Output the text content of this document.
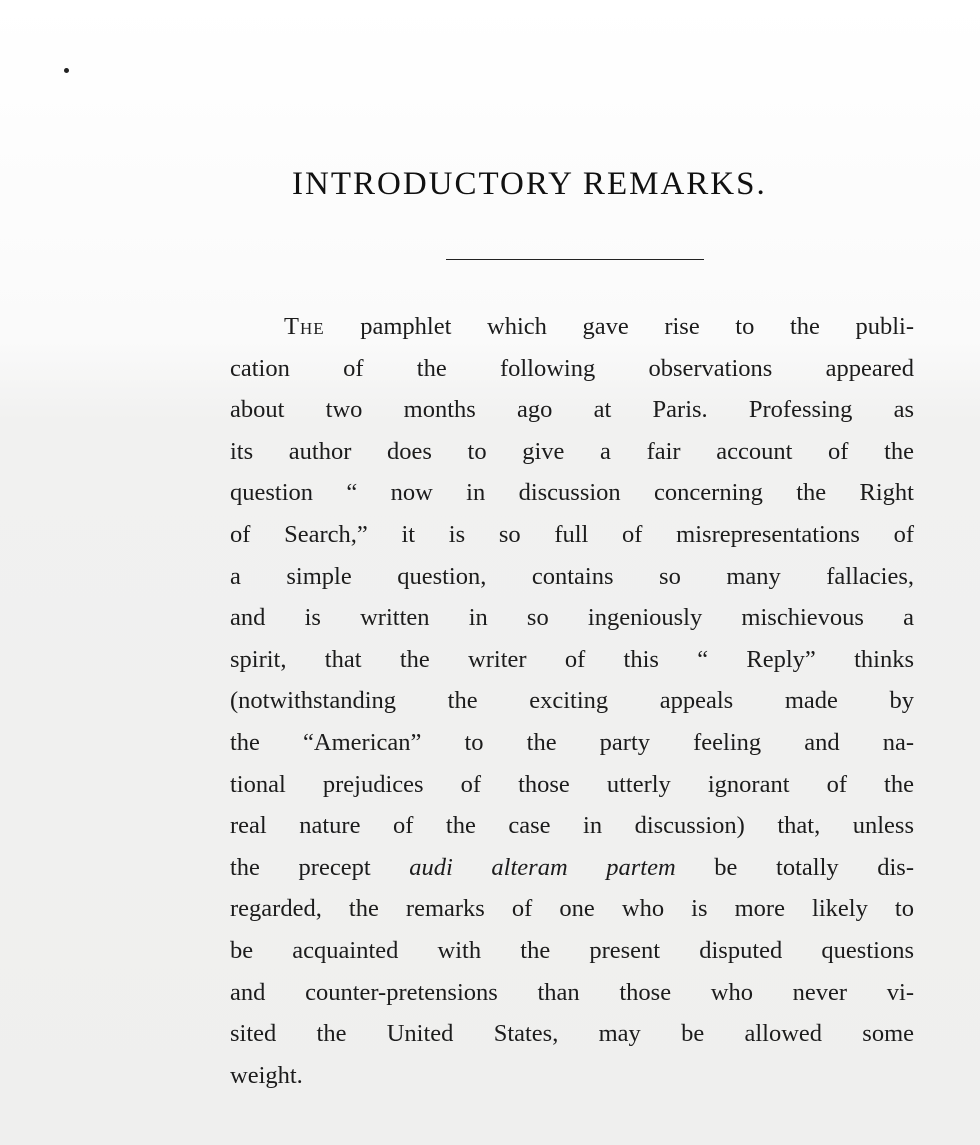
INTRODUCTORY REMARKS.
The pamphlet which gave rise to the publi-
cation of the following observations appeared
about two months ago at Paris. Professing as
its author does to give a fair account of the
question “ now in discussion concerning the Right
of Search,” it is so full of misrepresentations of
a simple question, contains so many fallacies,
and is written in so ingeniously mischievous a
spirit, that the writer of this “ Reply” thinks
(notwithstanding the exciting appeals made by
the “American” to the party feeling and na-
tional prejudices of those utterly ignorant of the
real nature of the case in discussion) that, unless
the precept audi alteram partem be totally dis-
regarded, the remarks of one who is more likely to
be acquainted with the present disputed questions
and counter-pretensions than those who never vi-
sited the United States, may be allowed some
weight.
